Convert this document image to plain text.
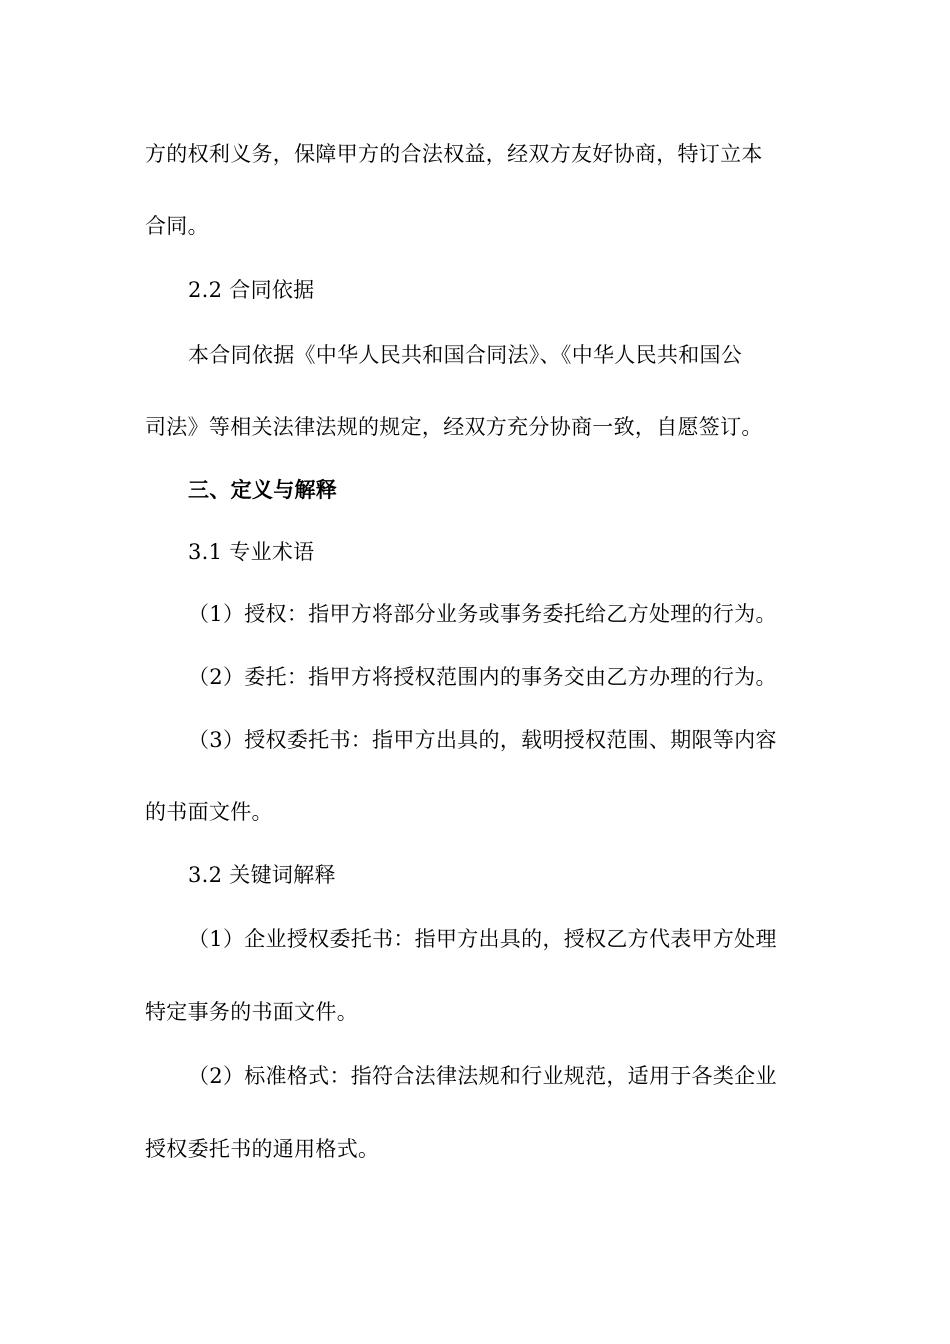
方的权利义务，保障甲方的合法权益，经双方友好协商，特订立本
合同。
2.2 合同依据
本合同依据《中华人民共和国合同法》、《中华人民共和国公
司法》等相关法律法规的规定，经双方充分协商一致，自愿签订。
三、定义与解释
3.1 专业术语
（1）授权：指甲方将部分业务或事务委托给乙方处理的行为。
（2）委托：指甲方将授权范围内的事务交由乙方办理的行为。
（3）授权委托书：指甲方出具的，载明授权范围、期限等内容
的书面文件。
3.2 关键词解释
（1）企业授权委托书：指甲方出具的，授权乙方代表甲方处理
特定事务的书面文件。
（2）标准格式：指符合法律法规和行业规范，适用于各类企业
授权委托书的通用格式。
